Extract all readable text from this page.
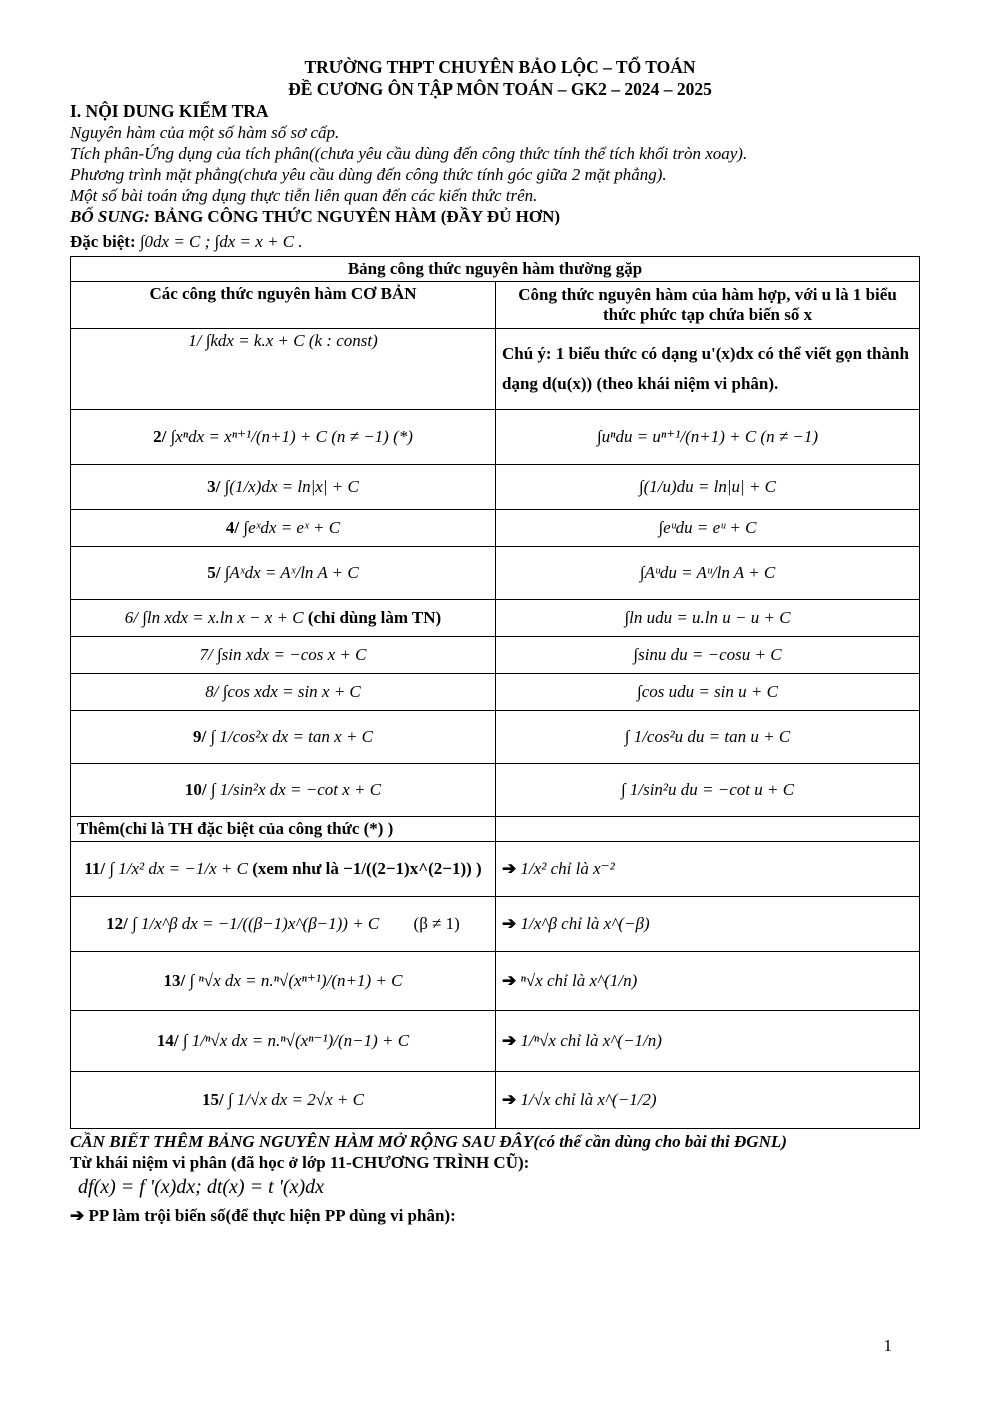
TRƯỜNG THPT CHUYÊN BẢO LỘC – TỔ TOÁN
ĐỀ CƯƠNG ÔN TẬP MÔN TOÁN – GK2 – 2024 – 2025
I. NỘI DUNG KIỂM TRA
Nguyên hàm của một số hàm số sơ cấp.
Tích phân-Ứng dụng của tích phân((chưa yêu cầu dùng đến công thức tính thể tích khối tròn xoay).
Phương trình mặt phẳng(chưa yêu cầu dùng đến công thức tính góc giữa 2 mặt phẳng).
Một số bài toán ứng dụng thực tiễn liên quan đến các kiến thức trên.
BỔ SUNG: BẢNG CÔNG THỨC NGUYÊN HÀM (ĐẦY ĐỦ HƠN)
Đặc biệt: ∫0dx = C ; ∫dx = x + C .
Bảng công thức nguyên hàm thường gặp	
Các công thức nguyên hàm CƠ BẢN	Công thức nguyên hàm của hàm hợp, với u là 1 biểu thức phức tạp chứa biến số x
1/ ∫kdx = k.x + C (k : const)	Chú ý: 1 biểu thức có dạng u'(x)dx có thể viết gọn thành dạng d(u(x)) (theo khái niệm vi phân).
2/ ∫xⁿdx = xⁿ⁺¹/(n+1) + C (n ≠ −1) (*)	∫uⁿdu = uⁿ⁺¹/(n+1) + C (n ≠ −1)
3/ ∫(1/x)dx = ln|x| + C	∫(1/u)du = ln|u| + C
4/ ∫eˣdx = eˣ + C	∫eᵘdu = eᵘ + C
5/ ∫Aˣdx = Aˣ/ln A + C	∫Aᵘdu = Aᵘ/ln A + C
6/ ∫ln xdx = x.ln x − x + C (chỉ dùng làm TN)	∫ln udu = u.ln u − u + C
7/ ∫sin xdx = −cos x + C	∫sinu du = −cosu + C
8/ ∫cos xdx = sin x + C	∫cos udu = sin u + C
9/ ∫ 1/cos²x dx = tan x + C	∫ 1/cos²u du = tan u + C
10/ ∫ 1/sin²x dx = −cot x + C	∫ 1/sin²u du = −cot u + C
Thêm(chỉ là TH đặc biệt của công thức (*) )	
11/ ∫ 1/x² dx = −1/x + C (xem như là −1/((2−1)x^(2−1)) )	➔ 1/x² chỉ là x⁻²
12/ ∫ 1/x^β dx = −1/((β−1)x^(β−1)) + C (β ≠ 1)	➔ 1/x^β chỉ là x^(−β)
13/ ∫ ⁿ√x dx = n.ⁿ√(xⁿ⁺¹)/(n+1) + C	➔ ⁿ√x chỉ là x^(1/n)
14/ ∫ 1/ⁿ√x dx = n.ⁿ√(xⁿ⁻¹)/(n−1) + C	➔ 1/ⁿ√x chỉ là x^(−1/n)
15/ ∫ 1/√x dx = 2√x + C	➔ 1/√x chỉ là x^(−1/2)
CẦN BIẾT THÊM BẢNG NGUYÊN HÀM MỞ RỘNG SAU ĐÂY(có thể cần dùng cho bài thi ĐGNL)
Từ khái niệm vi phân (đã học ở lớp 11-CHƯƠNG TRÌNH CŨ):
df(x) = f '(x)dx; dt(x) = t '(x)dx
➔ PP làm trội biến số(để thực hiện PP dùng vi phân):
1
